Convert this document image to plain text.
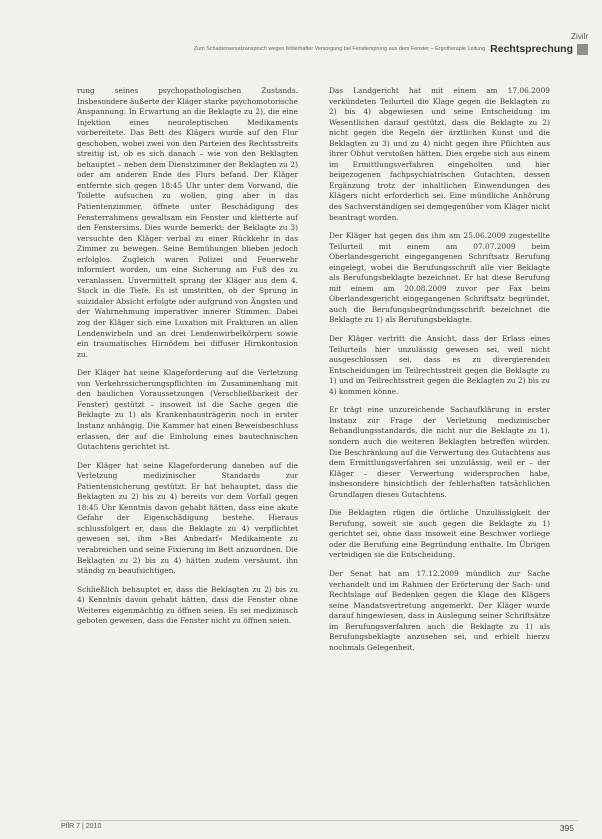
Zivilr
Zum Schadensersatzanspruch wegen fehlerhafter Versorgung bei Fenstersprung aus dem Fenster – Ergotherapie Leitung Rechtsprechung

rung seines psychopathologischen Zustands. Insbesondere äußerte der Kläger starke psychomotorische Anspannung. In Erwartung an die Beklagte zu 2), die eine Injektion eines neuroleptischen Medikaments vorbereitete. Das Bett des Klägers wurde auf den Flur geschoben, wobei zwei von den Parteien des Rechtsstreits streitig ist, ob es sich danach – wie von den Beklagten behauptet – neben dem Dienstzimmer der Beklagten zu 2) oder am anderen Ende des Flurs befand. Der Kläger entfernte sich gegen 18:45 Uhr unter dem Vorwand, die Toilette aufsuchen zu wollen, ging aber in das Patientenzimmer, öffnete unter Beschädigung des Fensterrahmens gewaltsam ein Fenster und kletterte auf den Fenstersims. Dies wurde bemerkt: der Beklagte zu 3) versuchte den Kläger verbal zu einer Rückkehr in das Zimmer zu bewegen. Seine Bemühungen blieben jedoch erfolglos. Zugleich waren Polizei und Feuerwehr informiert worden, um eine Sicherung am Fuß des zu veranlassen. Unvermittelt sprang der Kläger aus dem 4. Stock in die Tiefe. Es ist umstritten, ob der Sprung in suizidaler Absicht erfolgte oder aufgrund von Ängsten und der Wahrnehmung imperativer innerer Stimmen. Dabei zog der Kläger sich eine Luxation mit Frakturen an allen Lendenwirbeln und an drei Lendenwirbelkörpern sowie ein traumatisches Hirnödem bei diffuser Hirnkontusion zu.

Der Kläger hat seine Klageforderung auf die Verletzung von Verkehrssicherungspflichten im Zusammenhang mit den baulichen Voraussetzungen (Verschließbarkeit der Fenster) gestützt – insoweit ist die Sache gegen die Beklagte zu 1) als Krankenhausträgerin noch in erster Instanz anhängig. Die Kammer hat einen Beweisbeschluss erlassen, der auf die Einholung eines bautechnischen Gutachtens gerichtet ist.

Der Kläger hat seine Klageforderung daneben auf die Verletzung medizinischer Standards zur Patientensicherung gestützt. Er hat behauptet, dass die Beklagten zu 2) bis zu 4) bereits vor dem Vorfall gegen 18:45 Uhr Kenntnis davon gehabt hätten, dass eine akute Gefahr der Eigenschädigung bestehe. Hieraus schlussfolgert er, dass die Beklagte zu 4) verpflichtet gewesen sei, ihm »Bei Anbedarf« Medikamente zu verabreichen und seine Fixierung im Bett anzuordnen. Die Beklagten zu 2) bis zu 4) hätten zudem versäumt, ihn ständig zu beaufsichtigen.

Schließlich behauptet er, dass die Beklagten zu 2) bis zu 4) Kenntnis davon gehabt hätten, dass die Fenster ohne Weiteres eigenmächtig zu öffnen seien. Es sei medizinisch geboten gewesen, dass die Fenster nicht zu öffnen seien.

Das Landgericht hat mit einem am 17.06.2009 verkündeten Teilurteil die Klage gegen die Beklagten zu 2) bis 4) abgewiesen und seine Entscheidung im Wesentlichen darauf gestützt, dass die Beklagte zu 2) nicht gegen die Regeln der ärztlichen Kunst und die Beklagten zu 3) und zu 4) nicht gegen ihre Pflichten aus ihrer Obhut verstoßen hätten. Dies ergebe sich aus einem im Ermittlungsverfahren eingeholten und hier beigezogenen fachpsychiatrischen Gutachten, dessen Ergänzung trotz der inhaltlichen Einwendungen des Klägers nicht erforderlich sei. Eine mündliche Anhörung des Sachverständigen sei demgegenüber vom Kläger nicht beantragt worden.

Der Kläger hat gegen das ihm am 25.06.2009 zugestellte Teilurteil mit einem am 07.07.2009 beim Oberlandesgericht eingegangenen Schriftsatz Berufung eingelegt, wobei die Berufungsschrift alle vier Beklagte als Berufungsbeklagte bezeichnet. Er hat diese Berufung mit einem am 20.08.2009 zuvor per Fax beim Oberlandesgericht eingegangenen Schriftsatz begründet, auch die Berufungsbegründungsschrift bezeichnet die Beklagte zu 1) als Berufungsbeklagte.

Der Kläger vertritt die Ansicht, dass der Erlass eines Teilurteils hier unzulässig gewesen sei, weil nicht ausgeschlossen sei, dass es zu divergierenden Entscheidungen im Teilrechtsstreit gegen die Beklagte zu 1) und im Teilrechtsstreit gegen die Beklagten zu 2) bis zu 4) kommen könne.

Er trägt eine unzureichende Sachaufklärung in erster Instanz zur Frage der Verletzung medizinischer Behandlungsstandards, die nicht nur die Beklagte zu 1), sondern auch die weiteren Beklagten betreffen würden. Die Beschränkung auf die Verwertung des Gutachtens aus dem Ermittlungsverfahren sei unzulässig, weil er – der Kläger – dieser Verwertung widersprochen habe, insbesondere hinsichtlich der fehlerhaften tatsächlichen Grundlagen dieses Gutachtens.

Die Beklagten rügen die örtliche Unzulässigkeit der Berufung, soweit sie auch gegen die Beklagte zu 1) gerichtet sei, ohne dass insoweit eine Beschwer vorliege oder die Berufung eine Begründung enthalte. Im Übrigen verteidigen sie die Entscheidung.

Der Senat hat am 17.12.2009 mündlich zur Sache verhandelt und im Rahmen der Erörterung der Sach- und Rechtslage auf Bedenken gegen die Klage des Klägers seine Mandatsvertretung angemerkt. Der Kläger wurde darauf hingewiesen, dass in Auslegung seiner Schriftsätze im Berufungsverfahren auch die Beklagte zu 1) als Berufungsbeklagte anzusehen sei, und erhielt hierzu nochmals Gelegenheit.

PflR 7 | 2010	395
